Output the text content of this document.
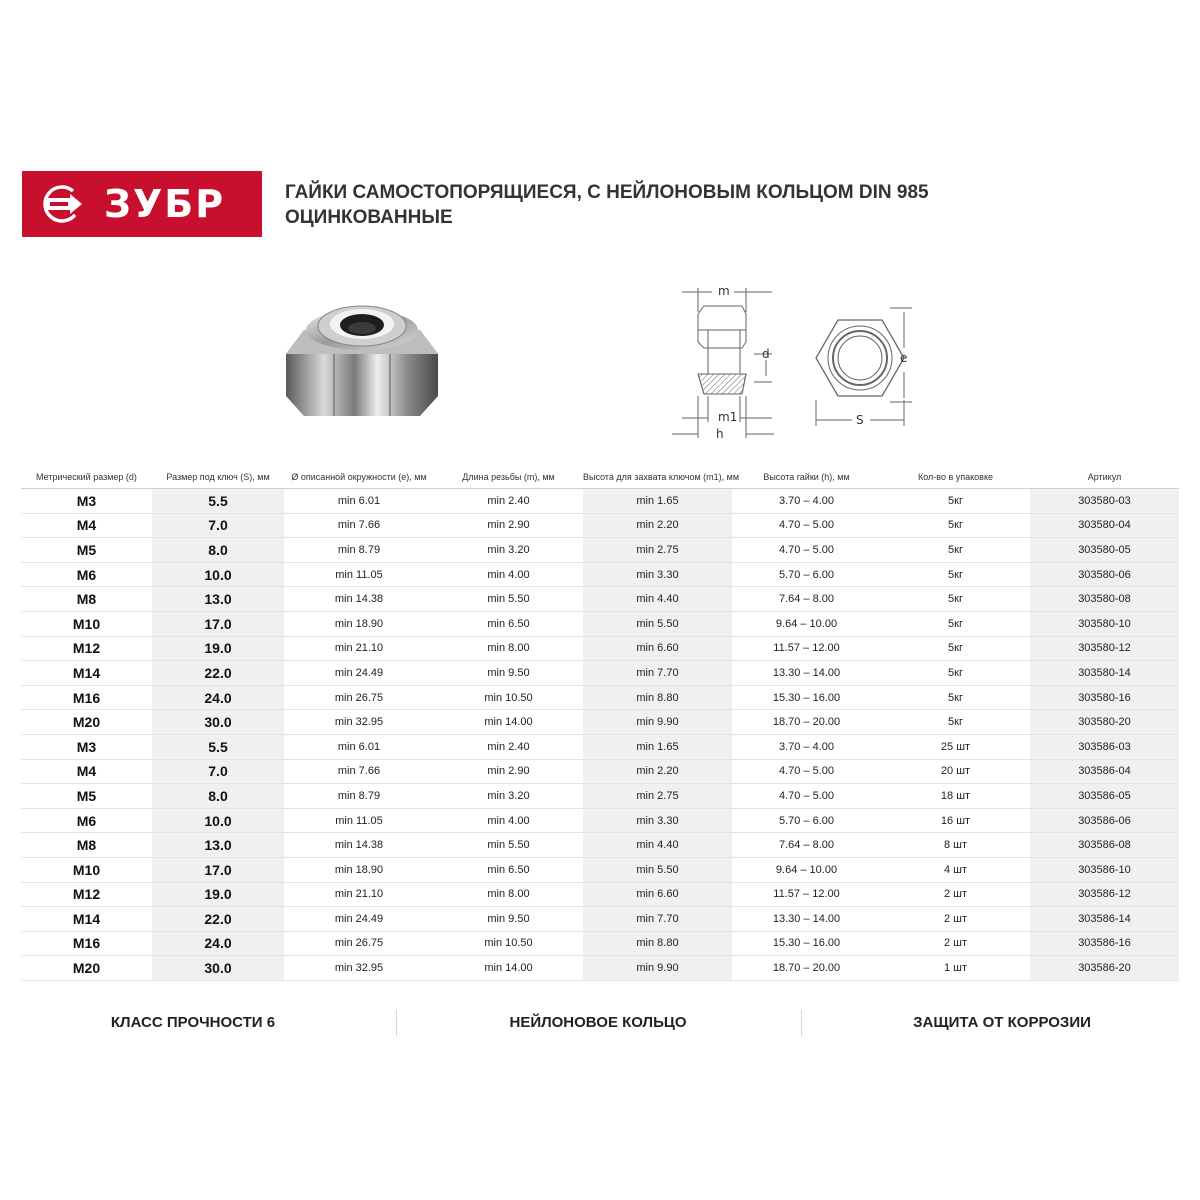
ЗУБР	ГАЙКИ САМОСТОПОРЯЩИЕСЯ, С НЕЙЛОНОВЫМ КОЛЬЦОМ DIN 985
ОЦИНКОВАННЫЕ
m
d
m1
h
e
S
Метрический размер (d)	Размер под ключ (S), мм	Ø описанной окружности (e), мм	Длина резьбы (m), мм	Высота для захвата ключом (m1), мм	Высота гайки (h), мм	Кол-во в упаковке	Артикул
M3	5.5	min 6.01	min 2.40	min 1.65	3.70 – 4.00	5кг	303580-03
M4	7.0	min 7.66	min 2.90	min 2.20	4.70 – 5.00	5кг	303580-04
M5	8.0	min 8.79	min 3.20	min 2.75	4.70 – 5.00	5кг	303580-05
M6	10.0	min 11.05	min 4.00	min 3.30	5.70 – 6.00	5кг	303580-06
M8	13.0	min 14.38	min 5.50	min 4.40	7.64 – 8.00	5кг	303580-08
M10	17.0	min 18.90	min 6.50	min 5.50	9.64 – 10.00	5кг	303580-10
M12	19.0	min 21.10	min 8.00	min 6.60	11.57 – 12.00	5кг	303580-12
M14	22.0	min 24.49	min 9.50	min 7.70	13.30 – 14.00	5кг	303580-14
M16	24.0	min 26.75	min 10.50	min 8.80	15.30 – 16.00	5кг	303580-16
M20	30.0	min 32.95	min 14.00	min 9.90	18.70 – 20.00	5кг	303580-20
M3	5.5	min 6.01	min 2.40	min 1.65	3.70 – 4.00	25 шт	303586-03
M4	7.0	min 7.66	min 2.90	min 2.20	4.70 – 5.00	20 шт	303586-04
M5	8.0	min 8.79	min 3.20	min 2.75	4.70 – 5.00	18 шт	303586-05
M6	10.0	min 11.05	min 4.00	min 3.30	5.70 – 6.00	16 шт	303586-06
M8	13.0	min 14.38	min 5.50	min 4.40	7.64 – 8.00	8 шт	303586-08
M10	17.0	min 18.90	min 6.50	min 5.50	9.64 – 10.00	4 шт	303586-10
M12	19.0	min 21.10	min 8.00	min 6.60	11.57 – 12.00	2 шт	303586-12
M14	22.0	min 24.49	min 9.50	min 7.70	13.30 – 14.00	2 шт	303586-14
M16	24.0	min 26.75	min 10.50	min 8.80	15.30 – 16.00	2 шт	303586-16
M20	30.0	min 32.95	min 14.00	min 9.90	18.70 – 20.00	1 шт	303586-20
КЛАСС ПРОЧНОСТИ 6	НЕЙЛОНОВОЕ КОЛЬЦО	ЗАЩИТА ОТ КОРРОЗИИ
